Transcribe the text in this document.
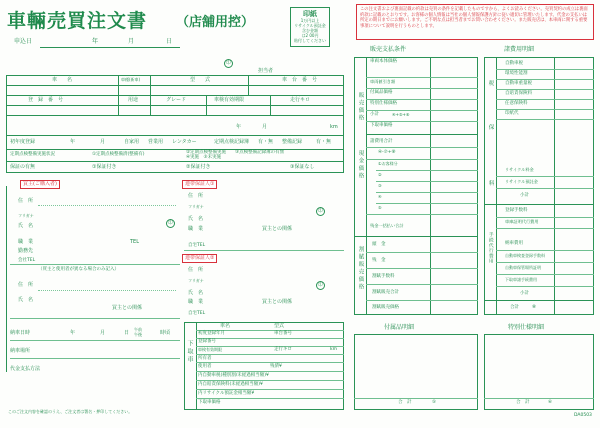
車輛売買注文書 （店舗用控）
申込日	年	月	日
印紙
1万円以上
リサイクル預託金
含む金額
は2 00円
貼付してください
この注文書および裏面記載の約款は売買の条件を記載したものですから、よくお読みください。売買契約の成立は裏面約款に記載のとおりです。お客様の個人情報は当社の個人情報保護方針に従い適切に管理いたします。代金の支払いは所定の期日までにお願いします。ご不明な点は担当者までお問い合わせください。また販売店は、本車両に関する重要事項について説明を行うものとします。
印
担当者
車　　名	車種(新車)	型　　式	車　台　番　号
登　録　番　号	用途	グレード	車検有効期限	走行キロ
年	月	km
初年度登録	年	月	自家用 営業用 レンタカー	定期点検記録簿 有・無 整備記録	有・無
定期点検整備実施状況	①定期点検整備済(整備有)	②定期点検整備実施　　③点検整備記録簿の有無
④実施　⑤未実施
保証の有無	①保証付き	②保証付き	③保証なし
買主(ご購入者)
住　所
フリガナ
氏　名	印
職　業	TEL
勤務先
会社TEL
（買主と使用者が異なる場合のみ記入）
住　所
氏　名
買主との関係
納車日時	年	月	日
午前
午後	時頃
納車場所
代金支払方法
このご注文内容を確認のうえ、ご注文者は署名・押印してください。
連帯保証人①
住　所
フリガナ
印
氏　名
職　業	買主との関係
自宅TEL
連帯保証人②
住　所
フリガナ
印
氏　名
職　業	買主との関係
自宅TEL
下取車
車名	型式
初度登録年月	車台番号
登録番号
車検有効期限	走行キロ	km
所有者
使用者	残債¥
内自動車税(種別割/未経過相当額)¥
内自賠責保険料(未経過相当額)¥
内リサイクル預託金相当額¥
下取車価格
販売支払条件
販売価格
現金価格
割賦販売価格
車両本体価格
車両値引き額
付属品価格
特別仕様価格
小計	④+⑤+⑥
下取車価格
諸費用合計
④-⑦+⑧
①お客様分
②
③
④
⑤
残金一括払い合計
頭　金
残　金
割賦手数料
割賦販売合計
割賦販売価格
諸費用明細
税
保
料
手続代行費用
自動車税
環境性能割
自動車重量税
自賠責保険料
任意保険料
印紙代
リサイクル料金
リサイクル預託金
小計
登録手数料
車庫証明代行費用
納車費用
自動車検査登録手数料
自動車保管場所証明
下取車諸手続費用
小計
合計	⑧
付属品明細
合　計	⑤
特別仕様明細
合　計	⑥
DA0503
